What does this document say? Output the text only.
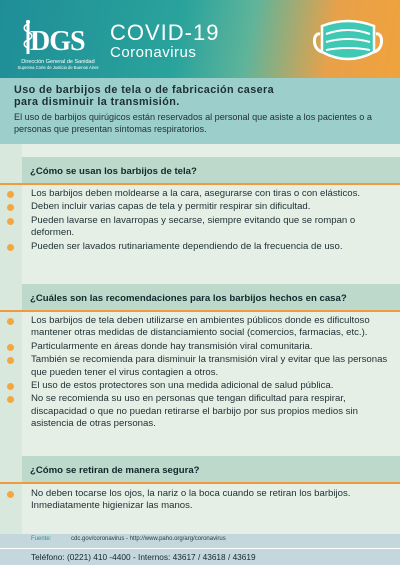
DGS
Dirección General de Sanidad
Suprema Corte de Justicia de Buenos Aires
COVID-19
Coronavirus
Uso de barbijos de tela o de fabricación casera
para disminuir la transmisión.
El uso de barbijos quirúgicos están reservados al personal que asiste a los pacientes o a personas que presentan síntomas respiratorios.
¿Cómo se usan los barbijos de tela?
Los barbijos deben moldearse a la cara, asegurarse con tiras o con elásticos.
Deben incluir varias capas de tela y permitir respirar sin dificultad.
Pueden lavarse en lavarropas y secarse, siempre evitando que se rompan o deformen.
Pueden ser lavados rutinariamente dependiendo de la frecuencia de uso.
¿Cuáles son las recomendaciones para los barbijos hechos en casa?
Los barbijos de tela deben utilizarse en ambientes públicos donde es dificultoso mantener otras medidas de distanciamiento social (comercios, farmacias, etc.).
Particularmente en áreas donde hay transmisión viral comunitaria.
También se recomienda para disminuir la transmisión viral y evitar que las personas que pueden tener el virus contagien a otros.
El uso de estos protectores son una medida adicional de salud pública.
No se recomienda su uso en personas que tengan dificultad para respirar, discapacidad o que no puedan retirarse el barbijo por sus propios medios sin asistencia de otras personas.
¿Cómo se retiran de manera segura?
No deben tocarse los ojos, la nariz o la boca cuando se retiran los barbijos. Inmediatamente higienizar las manos.
Fuente:	cdc.gov/coronavirus - http://www.paho.org/arg/coronavirus
Teléfono: (0221) 410 -4400 - Internos: 43617 / 43618 / 43619
